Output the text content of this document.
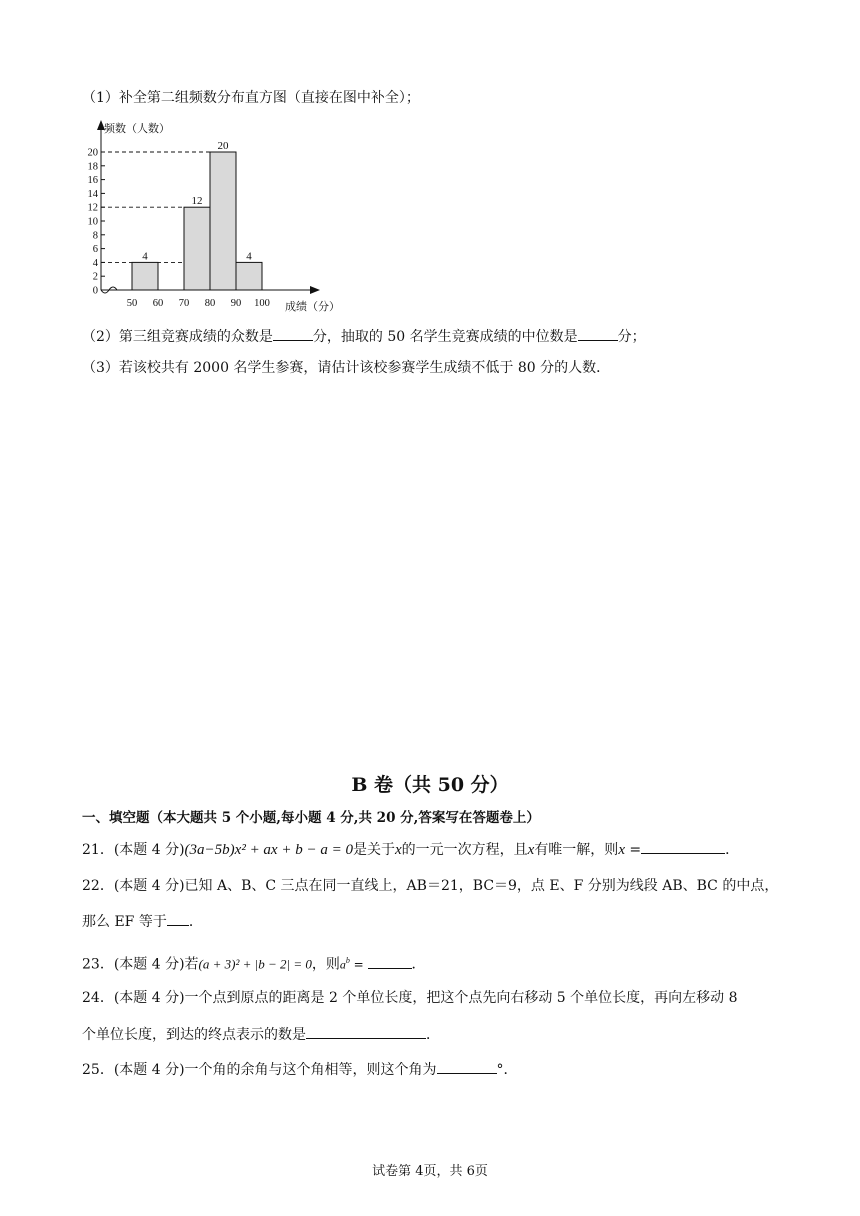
（1）补全第二组频数分布直方图（直接在图中补全）；
频数（人数）
成绩（分）
0
2
4
6
8
10
12
14
16
18
20
4
12
20
4
50 60 70 80 90 100
（2）第三组竞赛成绩的众数是	分，抽取的 50 名学生竞赛成绩的中位数是	分；
（3）若该校共有 2000 名学生参赛，请估计该校参赛学生成绩不低于 80 分的人数．
B 卷（共 50 分）
一、填空题（本大题共 5 个小题,每小题 4 分,共 20 分,答案写在答题卷上）
21．(本题 4 分)(3a−5b)x² + ax + b − a = 0是关于x的一元一次方程，且x有唯一解，则x =	．
22．(本题 4 分)已知 A、B、C 三点在同一直线上，AB＝21，BC＝9，点 E、F 分别为线段 AB、BC 的中点，
那么 EF 等于 ．
23．(本题 4 分)若(a + 3)² + |b − 2| = 0，则$a^b$ =	．
24．(本题 4 分)一个点到原点的距离是 2 个单位长度，把这个点先向右移动 5 个单位长度，再向左移动 8
个单位长度，到达的终点表示的数是	．
25．(本题 4 分)一个角的余角与这个角相等，则这个角为	°．
试卷第 4页，共 6页
